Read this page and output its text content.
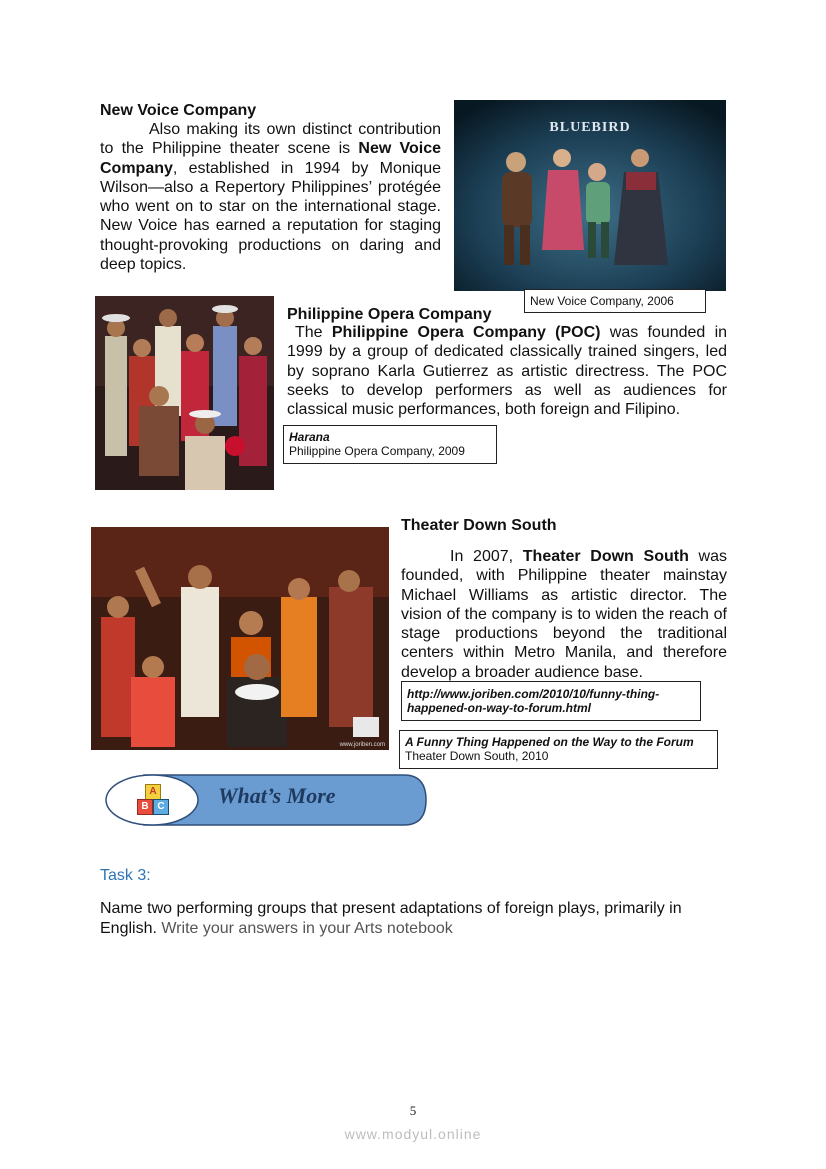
New Voice Company
Also making its own distinct contribution to the Philippine theater scene is New Voice Company, established in 1994 by Monique Wilson—also a Repertory Philippines’ protégée who went on to star on the international stage. New Voice has earned a reputation for staging thought-provoking productions on daring and deep topics.
BLUEBIRD
New Voice Company, 2006
Philippine Opera Company
The Philippine Opera Company (POC) was founded in 1999 by a group of dedicated classically trained singers, led by soprano Karla Gutierrez as artistic directress. The POC seeks to develop performers as well as audiences for classical music performances, both foreign and Filipino.
Harana
Philippine Opera Company, 2009
www.joriben.com
Theater Down South
In 2007, Theater Down South was founded, with Philippine theater mainstay Michael Williams as artistic director. The vision of the company is to widen the reach of stage productions beyond the traditional centers within Metro Manila, and therefore develop a broader audience base.
http://www.joriben.com/2010/10/funny-thing-happened-on-way-to-forum.html
A Funny Thing Happened on the Way to the Forum
Theater Down South, 2010
A
B C What’s More
Task 3:
Name two performing groups that present adaptations of foreign plays, primarily in English. Write your answers in your Arts notebook
5
www.modyul.online
